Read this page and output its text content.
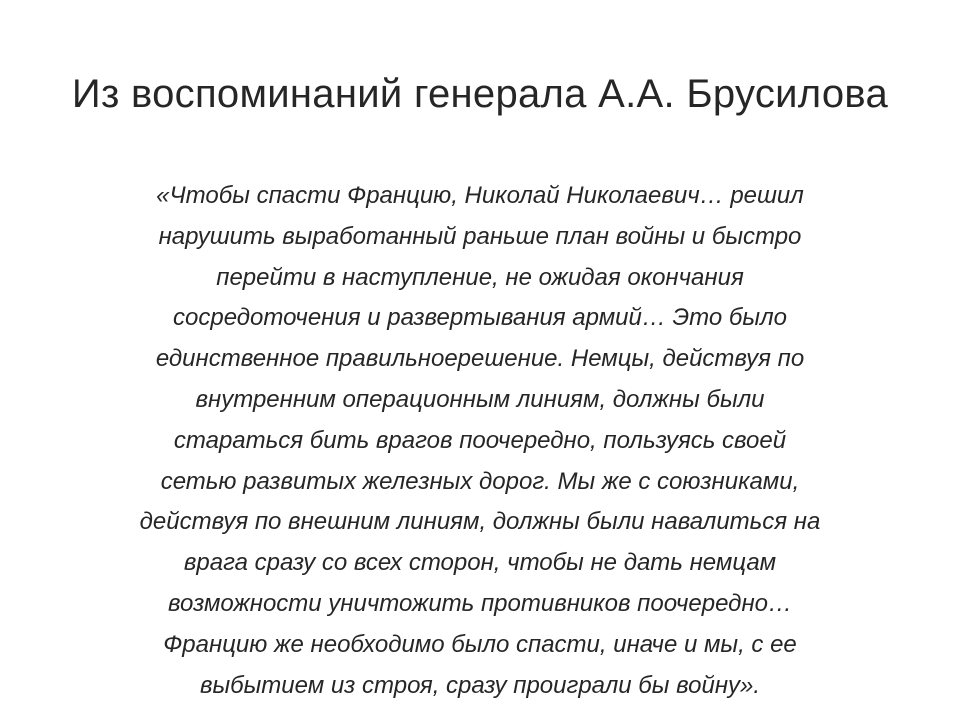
Из воспоминаний генерала А.А. Брусилова
«Чтобы спасти Францию, Николай Николаевич… решил
нарушить выработанный раньше план войны и быстро
перейти в наступление, не ожидая окончания
сосредоточения и развертывания армий… Это было
единственное правильноерешение. Немцы, действуя по
внутренним операционным линиям, должны были
стараться бить врагов поочередно, пользуясь своей
сетью развитых железных дорог. Мы же с союзниками,
действуя по внешним линиям, должны были навалиться на
врага сразу со всех сторон, чтобы не дать немцам
возможности уничтожить противников поочередно…
Францию же необходимо было спасти, иначе и мы, с ее
выбытием из строя, сразу проиграли бы войну».
